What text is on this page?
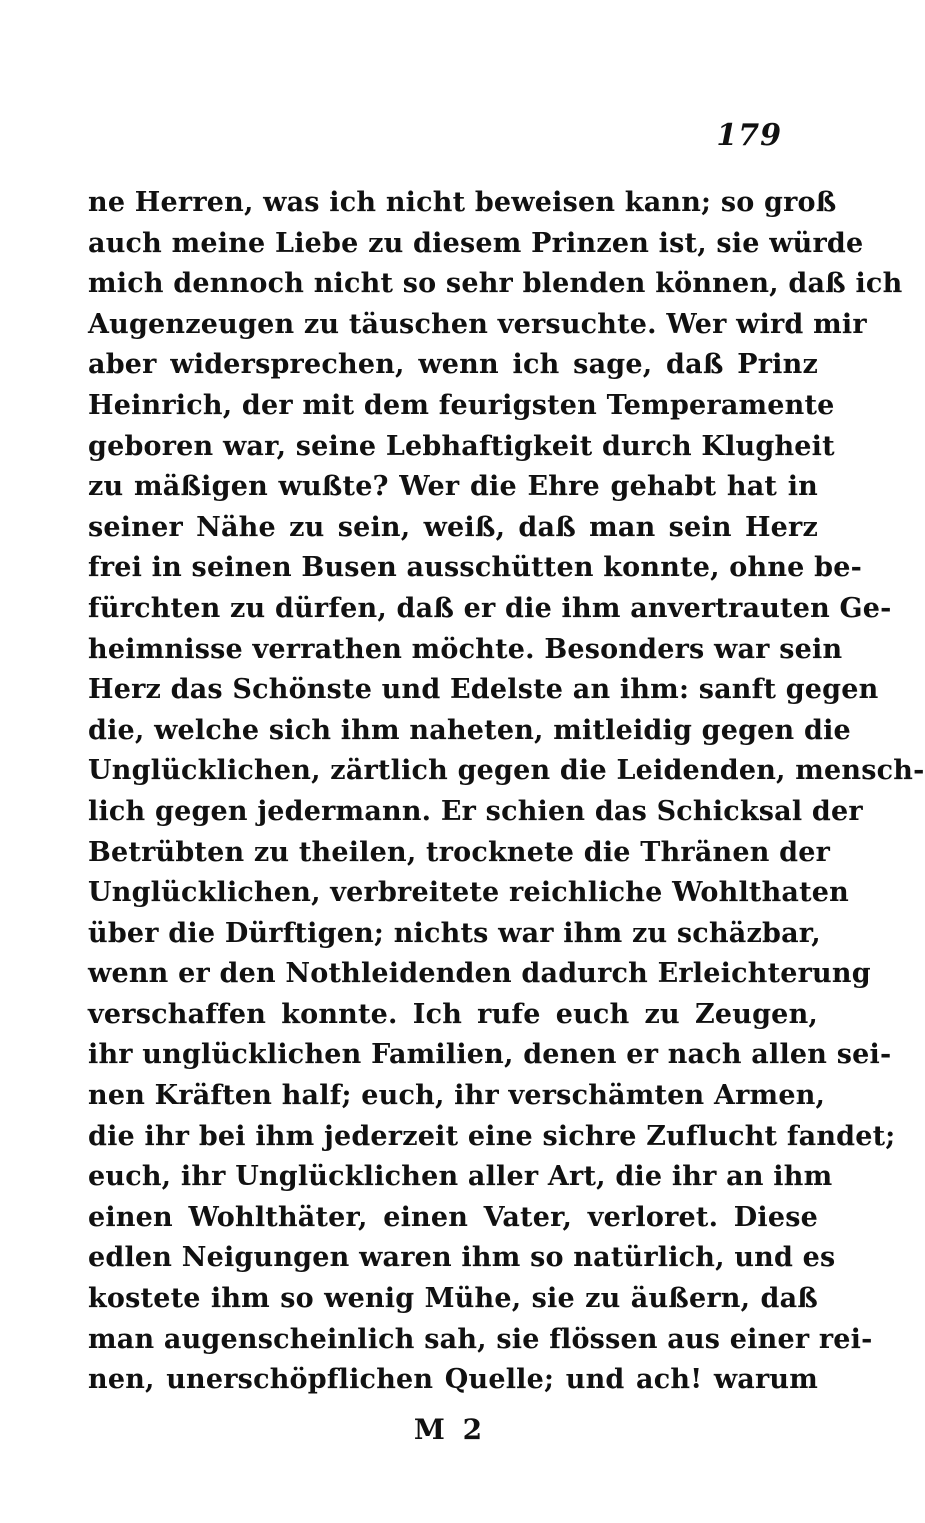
179
ne Herren, was ich nicht beweisen kann; so groß
auch meine Liebe zu diesem Prinzen ist, sie würde
mich dennoch nicht so sehr blenden können, daß ich
Augenzeugen zu täuschen versuchte. Wer wird mir
aber widersprechen, wenn ich sage, daß Prinz
Heinrich, der mit dem feurigsten Temperamente
geboren war, seine Lebhaftigkeit durch Klugheit
zu mäßigen wußte? Wer die Ehre gehabt hat in
seiner Nähe zu sein, weiß, daß man sein Herz
frei in seinen Busen ausschütten konnte, ohne be-
fürchten zu dürfen, daß er die ihm anvertrauten Ge-
heimnisse verrathen möchte. Besonders war sein
Herz das Schönste und Edelste an ihm: sanft gegen
die, welche sich ihm naheten, mitleidig gegen die
Unglücklichen, zärtlich gegen die Leidenden, mensch-
lich gegen jedermann. Er schien das Schicksal der
Betrübten zu theilen, trocknete die Thränen der
Unglücklichen, verbreitete reichliche Wohlthaten
über die Dürftigen; nichts war ihm zu schäzbar,
wenn er den Nothleidenden dadurch Erleichterung
verschaffen konnte. Ich rufe euch zu Zeugen,
ihr unglücklichen Familien, denen er nach allen sei-
nen Kräften half; euch, ihr verschämten Armen,
die ihr bei ihm jederzeit eine sichre Zuflucht fandet;
euch, ihr Unglücklichen aller Art, die ihr an ihm
einen Wohlthäter, einen Vater, verloret. Diese
edlen Neigungen waren ihm so natürlich, und es
kostete ihm so wenig Mühe, sie zu äußern, daß
man augenscheinlich sah, sie flössen aus einer rei-
nen, unerschöpflichen Quelle; und ach! warum
M 2
